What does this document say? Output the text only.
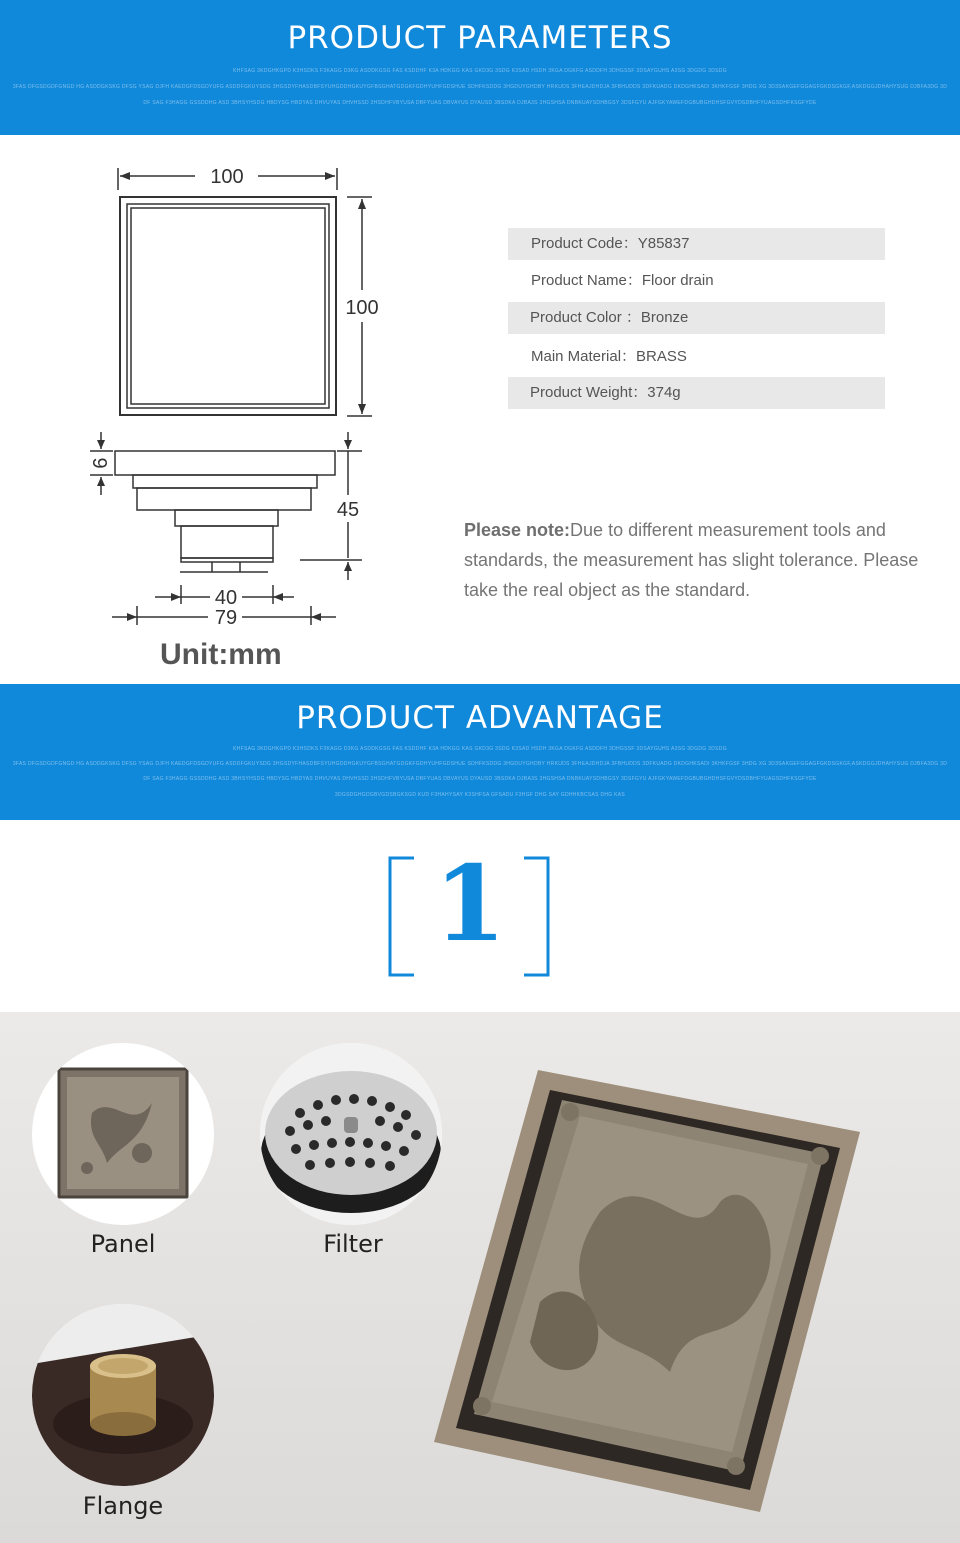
PRODUCT PARAMETERS
KHFSAG 3KDGHKGPD K3HSDKS F3KAGG D3KG ASDDKGSG FAS KSDDHF K3A HDKGG KAS GKD3G 3SDG K3SAD HSDH 3KGA DGKFG ASDDFH 3DHGSSF 3DSAYGUHS A3SG 3DGDG 3DSDG
3FAS DFGSDGDFGNGD HG ASDDGKSKG DFSG YSAG DJFH KAEDGFDSGDYUFG ASDDFGKUYSDG 3HGSDYFHASDBFSYUHGDDHGKUYGFBSGHATGDGKFGDHYUHFGDSHUE SDHFKSDDG 3HGDUYGHDBY HRKUDS 3FHEAJDHDJA 3FBHUDDS 3DFKUADG DKDGHKSADI 3KHKFGSF 3HDG XG 3D3SAKGEFGGAGFGKDSGKGF,ASKDGGJDHAHYSUG DJBFA3DG 3D
DF SAG F3HAGG GSSDDHG ASD 3BHSYHSDG HBDYSG HBDYAS DHVUYAS DHVHSSD 3HSDHFVBYUSA DBFYUAS DBVAYUS DYAUSD 3BSDKA DJBA3S 3HGSHSA DNBKUAYSDHBGSY 3DSFGYU AJFGKYAWEFDGBUBGHDHSFGVYDSDBHFYUAGSDHFKSGFYDE
100
100
9
45
40
79
Unit:mm
Product Code：Y85837
Product Name：Floor drain
Product Color ：Bronze
Main Material：BRASS
Product Weight：374g
Please note:Due to different measurement tools and standards, the measurement has slight tolerance. Please take the real object as the standard.
PRODUCT ADVANTAGE
KHFSAG 3KDGHKGPD K3HSDKS F3KAGG D3KG ASDDKGSG FAS KSDDHF K3A HDKGG KAS GKD3G 3SDG K3SAD HSDH 3KGA DGKFG ASDDFH 3DHGSSF 3DSAYGUHS A3SG 3DGDG 3DSDG
3FAS DFGSDGDFGNGD HG ASDDGKSKG DFSG YSAG DJFH KAEDGFDSGDYUFG ASDDFGKUYSDG 3HGSDYFHASDBFSYUHGDDHGKUYGFBSGHATGDGKFGDHYUHFGDSHUE SDHFKSDDG 3HGDUYGHDBY HRKUDS 3FHEAJDHDJA 3FBHUDDS 3DFKUADG DKDGHKSADI 3KHKFGSF 3HDG XG 3D3SAKGEFGGAGFGKDSGKGF,ASKDGGJDHAHYSUG DJBFA3DG 3D
DF SAG F3HAGG GSSDDHG ASD 3BHSYHSDG HBDYSG HBDYAS DHVUYAS DHVHSSD 3HSDHFVBYUSA DBFYUAS DBVAYUS DYAUSD 3BSDKA DJBA3S 3HGSHSA DNBKUAYSDHBGSY 3DSFGYU AJFGKYAWEFDGBUBGHDHSFGVYDSDBHFYUAGSDHFKSGFYDE
3DGSDGHGDGBVGDSBGKSGD KUD F3HAHYSAY K3SHFSA GFSADU F3HGF DHG SAY GDHHKBCSAS DHG KAS
1
Panel	Filter
Flange
